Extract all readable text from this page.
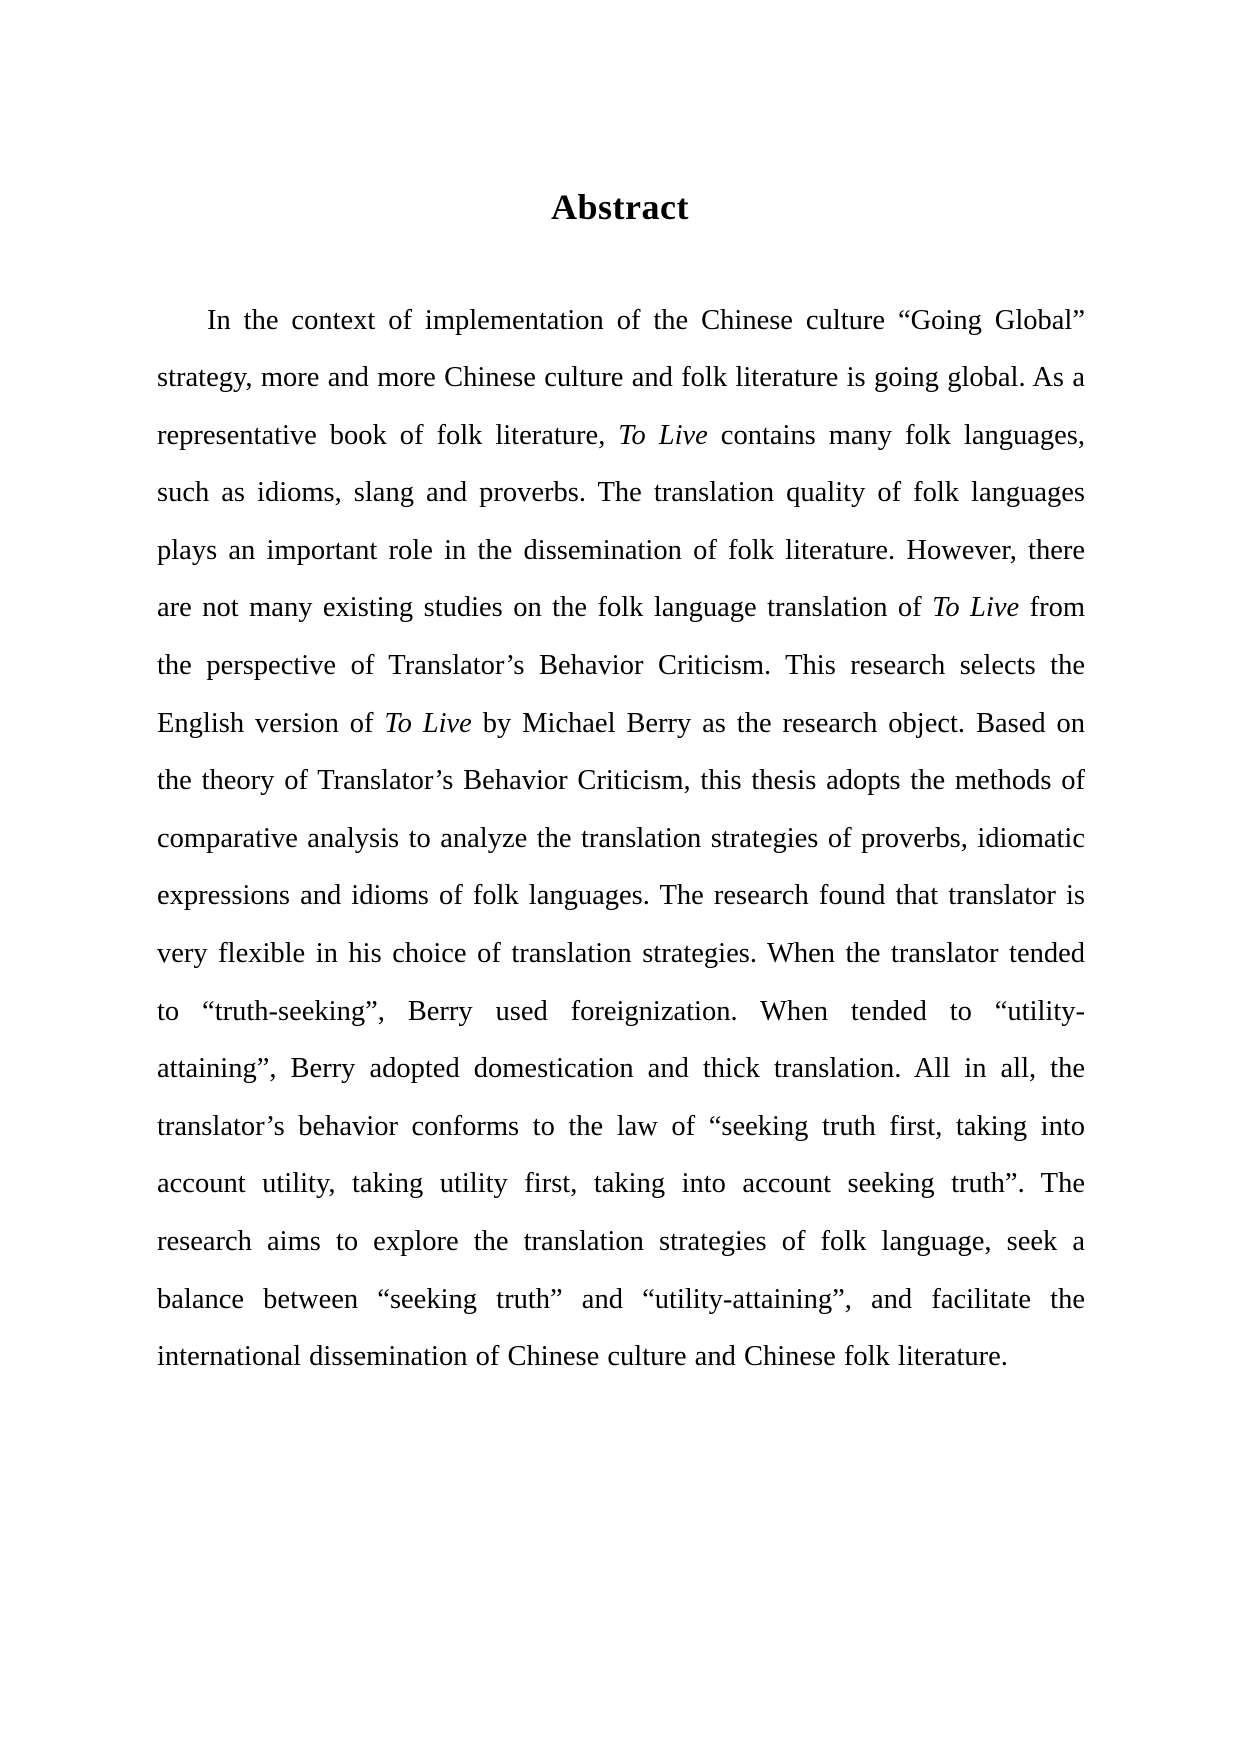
Abstract

In the context of implementation of the Chinese culture “Going Global” strategy, more and more Chinese culture and folk literature is going global. As a representative book of folk literature, To Live contains many folk languages, such as idioms, slang and proverbs. The translation quality of folk languages plays an important role in the dissemination of folk literature. However, there are not many existing studies on the folk language translation of To Live from the perspective of Translator’s Behavior Criticism. This research selects the English version of To Live by Michael Berry as the research object. Based on the theory of Translator’s Behavior Criticism, this thesis adopts the methods of comparative analysis to analyze the translation strategies of proverbs, idiomatic expressions and idioms of folk languages. The research found that translator is very flexible in his choice of translation strategies. When the translator tended to “truth-seeking”, Berry used foreignization. When tended to “utility-attaining”, Berry adopted domestication and thick translation. All in all, the translator’s behavior conforms to the law of “seeking truth first, taking into account utility, taking utility first, taking into account seeking truth”. The research aims to explore the translation strategies of folk language, seek a balance between “seeking truth” and “utility-attaining”, and facilitate the international dissemination of Chinese culture and Chinese folk literature.
